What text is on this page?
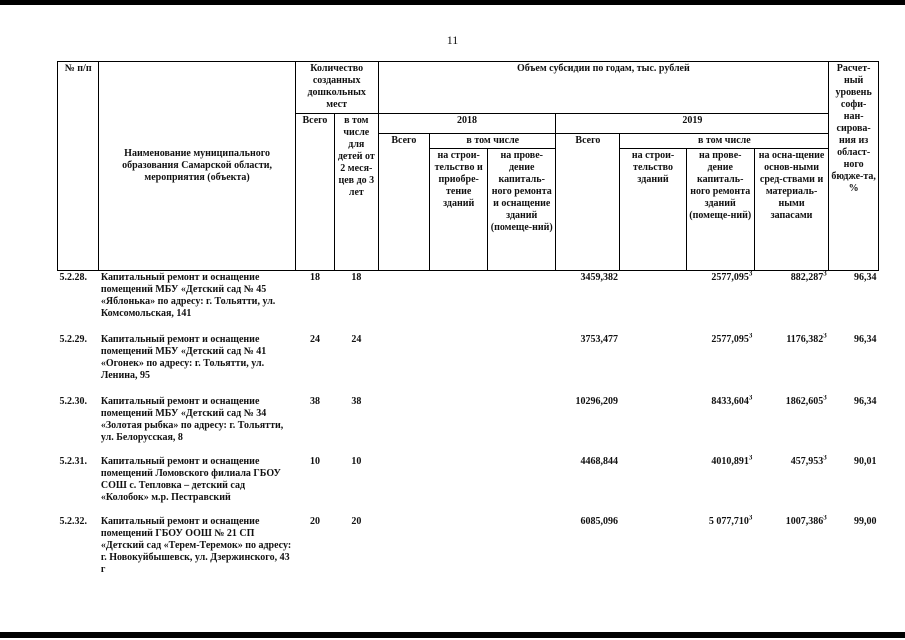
11
№ п/п	Наименование муниципального образования Самарской области, мероприятия (объекта)	Количество созданных дошкольных мест		Объем субсидии по годам, тыс. рублей							Расчет-ный уровень софи-нан-сирова-ния из област-ного бюдже-та, %
		Всего	в том числе для детей от 2 меся-цев до 3 лет	2018			2019				
				Всего	в том числе		Всего	в том числе			
					на строи-тельство и приобре-тение зданий	на прове-дение капиталь-ного ремонта и оснащение зданий (помеще-ний)		на строи-тельство зданий	на прове-дение капиталь-ного ремонта зданий (помеще-ний)	на осна-щение основ-ными сред-ствами и материаль-ными запасами	
5.2.28.	Капитальный ремонт и оснащение помещений МБУ «Детский сад № 45 «Яблонька» по адресу: г. Тольятти, ул. Комсомольская, 141	18	18				3459,382		2577,095$^3$	882,287$^3$	96,34
5.2.29.	Капитальный ремонт и оснащение помещений МБУ «Детский сад № 41 «Огонек» по адресу: г. Тольятти, ул. Ленина, 95	24	24				3753,477		2577,095$^3$	1176,382$^3$	96,34
5.2.30.	Капитальный ремонт и оснащение помещений МБУ «Детский сад № 34 «Золотая рыбка» по адресу: г. Тольятти, ул. Белорусская, 8	38	38				10296,209		8433,604$^3$	1862,605$^3$	96,34
5.2.31.	Капитальный ремонт и оснащение помещений Ломовского филиала ГБОУ СОШ с. Тепловка – детский сад «Колобок» м.р. Пестравский	10	10				4468,844		4010,891$^3$	457,953$^3$	90,01
5.2.32.	Капитальный ремонт и оснащение помещений ГБОУ ООШ № 21 СП «Детский сад «Терем-Теремок» по адресу: г. Новокуйбышевск, ул. Дзержинского, 43 г	20	20				6085,096		5 077,710$^3$	1007,386$^3$	99,00
